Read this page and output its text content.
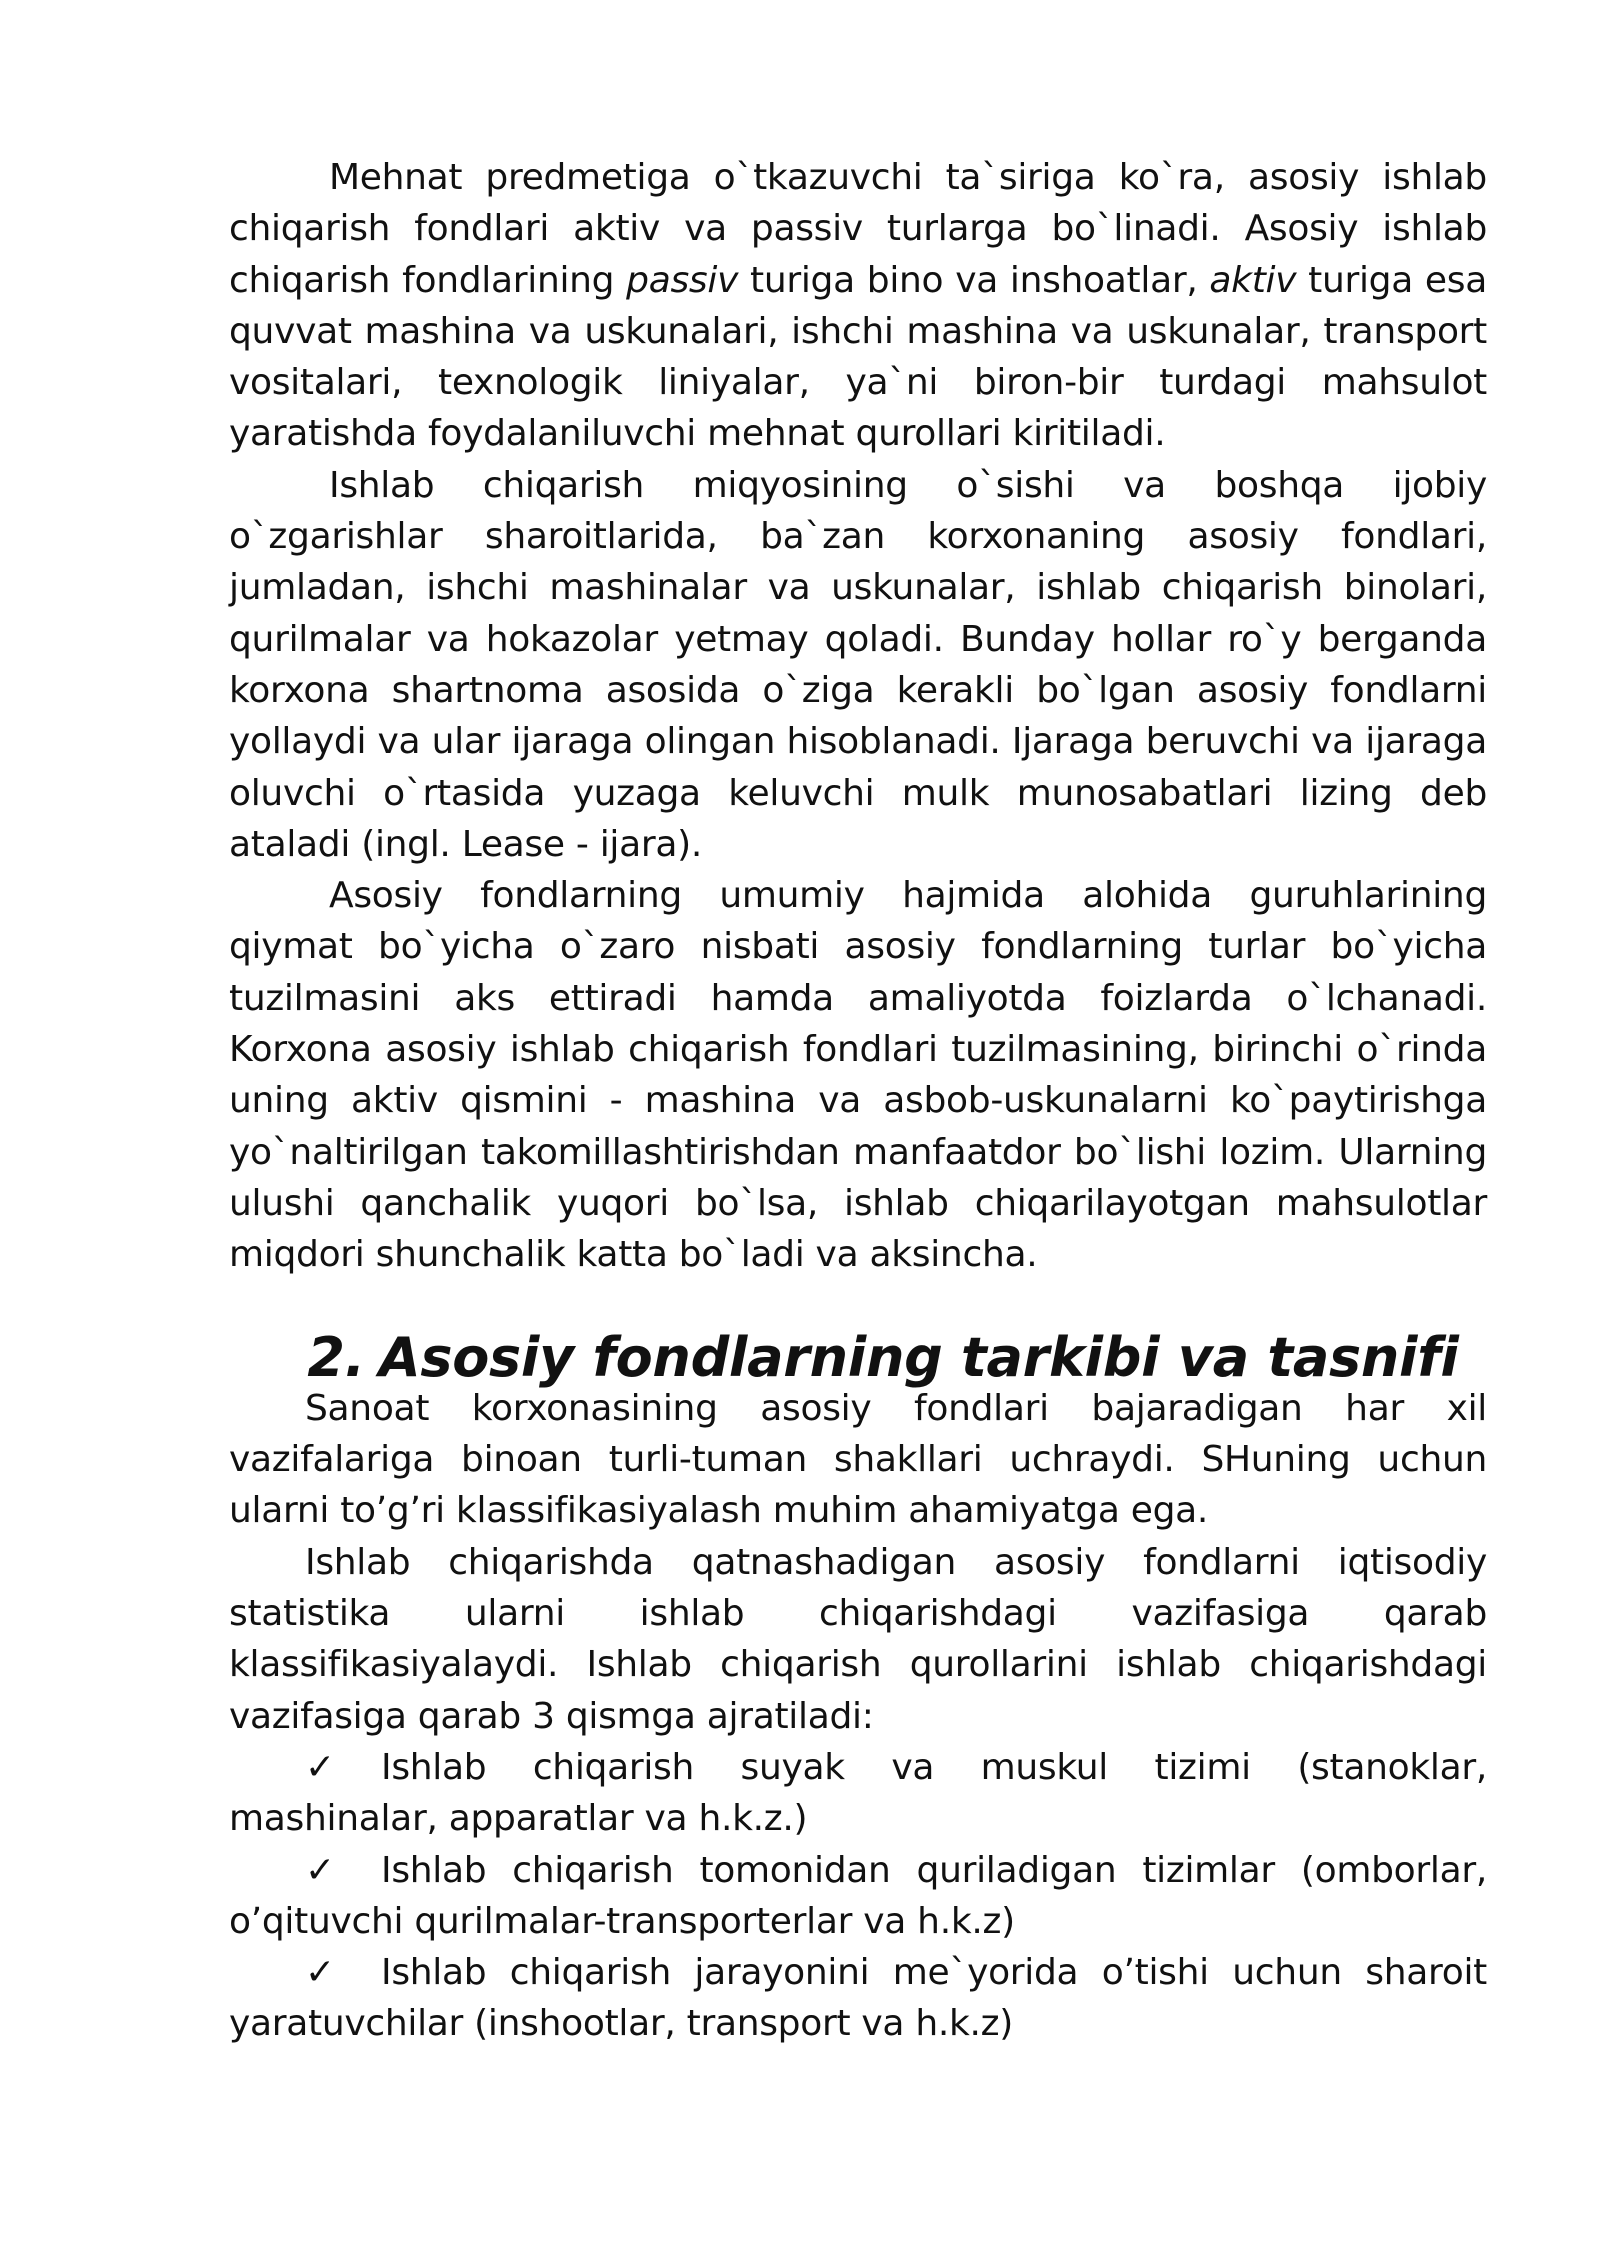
Mehnat predmetiga o`tkazuvchi ta`siriga ko`ra, asosiy ishlab chiqarish fondlari aktiv va passiv turlarga bo`linadi. Asosiy ishlab chiqarish fondlarining passiv turiga bino va inshoatlar, aktiv turiga esa quvvat mashina va uskunalari, ishchi mashina va uskunalar, transport vositalari, texnologik liniyalar, ya`ni biron-bir turdagi mahsulot yaratishda foydalaniluvchi mehnat qurollari kiritiladi.

Ishlab chiqarish miqyosining o`sishi va boshqa ijobiy o`zgarishlar sharoitlarida, ba`zan korxonaning asosiy fondlari, jumladan, ishchi mashinalar va uskunalar, ishlab chiqarish binolari, qurilmalar va hokazolar yetmay qoladi. Bunday hollar ro`y berganda korxona shartnoma asosida o`ziga kerakli bo`lgan asosiy fondlarni yollaydi va ular ijaraga olingan hisoblanadi. Ijaraga beruvchi va ijaraga oluvchi o`rtasida yuzaga keluvchi mulk munosabatlari lizing deb ataladi (ingl. Lease - ijara).

Asosiy fondlarning umumiy hajmida alohida guruhlarining qiymat bo`yicha o`zaro nisbati asosiy fondlarning turlar bo`yicha tuzilmasini aks ettiradi hamda amaliyotda foizlarda o`lchanadi. Korxona asosiy ishlab chiqarish fondlari tuzilmasining, birinchi o`rinda uning aktiv qismini - mashina va asbob-uskunalarni ko`paytirishga yo`naltirilgan takomillashtirishdan manfaatdor bo`lishi lozim. Ularning ulushi qanchalik yuqori bo`lsa, ishlab chiqarilayotgan mahsulotlar miqdori shunchalik katta bo`ladi va aksincha.

2. Asosiy fondlarning tarkibi va tasnifi

Sanoat korxonasining asosiy fondlari bajaradigan har xil vazifalariga binoan turli-tuman shakllari uchraydi. SHuning uchun ularni to’g’ri klassifikasiyalash muhim ahamiyatga ega.

Ishlab chiqarishda qatnashadigan asosiy fondlarni iqtisodiy statistika ularni ishlab chiqarishdagi vazifasiga qarab klassifikasiyalaydi. Ishlab chiqarish qurollarini ishlab chiqarishdagi vazifasiga qarab 3 qismga ajratiladi:

✓ Ishlab chiqarish suyak va muskul tizimi (stanoklar, mashinalar, apparatlar va h.k.z.)

✓ Ishlab chiqarish tomonidan quriladigan tizimlar (omborlar, o’qituvchi qurilmalar-transporterlar va h.k.z)

✓ Ishlab chiqarish jarayonini me`yorida o’tishi uchun sharoit yaratuvchilar (inshootlar, transport va h.k.z)
